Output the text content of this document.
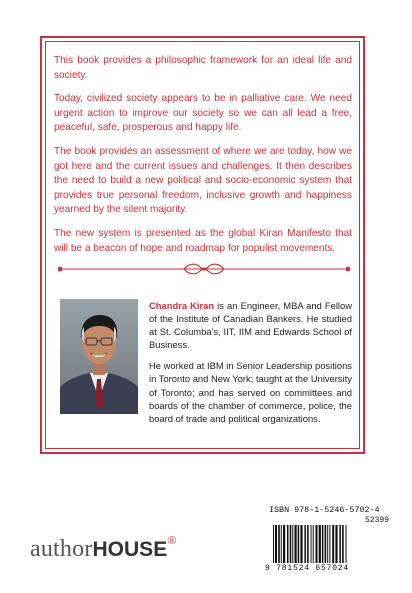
This book provides a philosophic framework for an ideal life and society.

Today, civilized society appears to be in palliative care. We need urgent action to improve our society so we can all lead a free, peaceful, safe, prosperous and happy life.

The book provides an assessment of where we are today, how we got here and the current issues and challenges. It then describes the need to build a new political and socio-economic system that provides true personal freedom, inclusive growth and happiness yearned by the silent majority.

The new system is presented as the global Kiran Manifesto that will be a beacon of hope and roadmap for populist movements.

Chandra Kiran is an Engineer, MBA and Fellow of the Institute of Canadian Bankers. He studied at St. Columba's, IIT, IIM and Edwards School of Business.

He worked at IBM in Senior Leadership positions in Toronto and New York; taught at the University of Toronto; and has served on committees and boards of the chamber of commerce, police, the board of trade and political organizations.

authorHOUSE®
ISBN 978-1-5246-5702-4
52399
9 781524 657024
